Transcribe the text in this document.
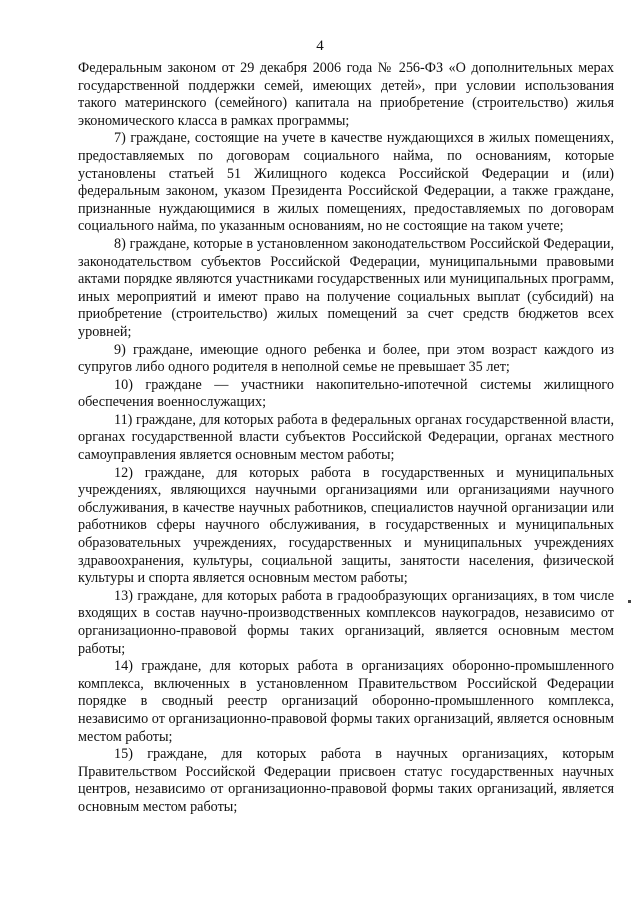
4

Федеральным законом от 29 декабря 2006 года № 256-ФЗ «О дополнительных мерах государственной поддержки семей, имеющих детей», при условии использования такого материнского (семейного) капитала на приобретение (строительство) жилья экономического класса в рамках программы;

7) граждане, состоящие на учете в качестве нуждающихся в жилых помещениях, предоставляемых по договорам социального найма, по основаниям, которые установлены статьей 51 Жилищного кодекса Российской Федерации и (или) федеральным законом, указом Президента Российской Федерации, а также граждане, признанные нуждающимися в жилых помещениях, предоставляемых по договорам социального найма, по указанным основаниям, но не состоящие на таком учете;

8) граждане, которые в установленном законодательством Российской Федерации, законодательством субъектов Российской Федерации, муниципальными правовыми актами порядке являются участниками государственных или муниципальных программ, иных мероприятий и имеют право на получение социальных выплат (субсидий) на приобретение (строительство) жилых помещений за счет средств бюджетов всех уровней;

9) граждане, имеющие одного ребенка и более, при этом возраст каждого из супругов либо одного родителя в неполной семье не превышает 35 лет;

10) граждане — участники накопительно-ипотечной системы жилищного обеспечения военнослужащих;

11) граждане, для которых работа в федеральных органах государственной власти, органах государственной власти субъектов Российской Федерации, органах местного самоуправления является основным местом работы;

12) граждане, для которых работа в государственных и муниципальных учреждениях, являющихся научными организациями или организациями научного обслуживания, в качестве научных работников, специалистов научной организации или работников сферы научного обслуживания, в государственных и муниципальных образовательных учреждениях, государственных и муниципальных учреждениях здравоохранения, культуры, социальной защиты, занятости населения, физической культуры и спорта является основным местом работы;

13) граждане, для которых работа в градообразующих организациях, в том числе входящих в состав научно-производственных комплексов наукоградов, независимо от организационно-правовой формы таких организаций, является основным местом работы;

14) граждане, для которых работа в организациях оборонно-промышленного комплекса, включенных в установленном Правительством Российской Федерации порядке в сводный реестр организаций оборонно-промышленного комплекса, независимо от организационно-правовой формы таких организаций, является основным местом работы;

15) граждане, для которых работа в научных организациях, которым Правительством Российской Федерации присвоен статус государственных научных центров, независимо от организационно-правовой формы таких организаций, является основным местом работы;
